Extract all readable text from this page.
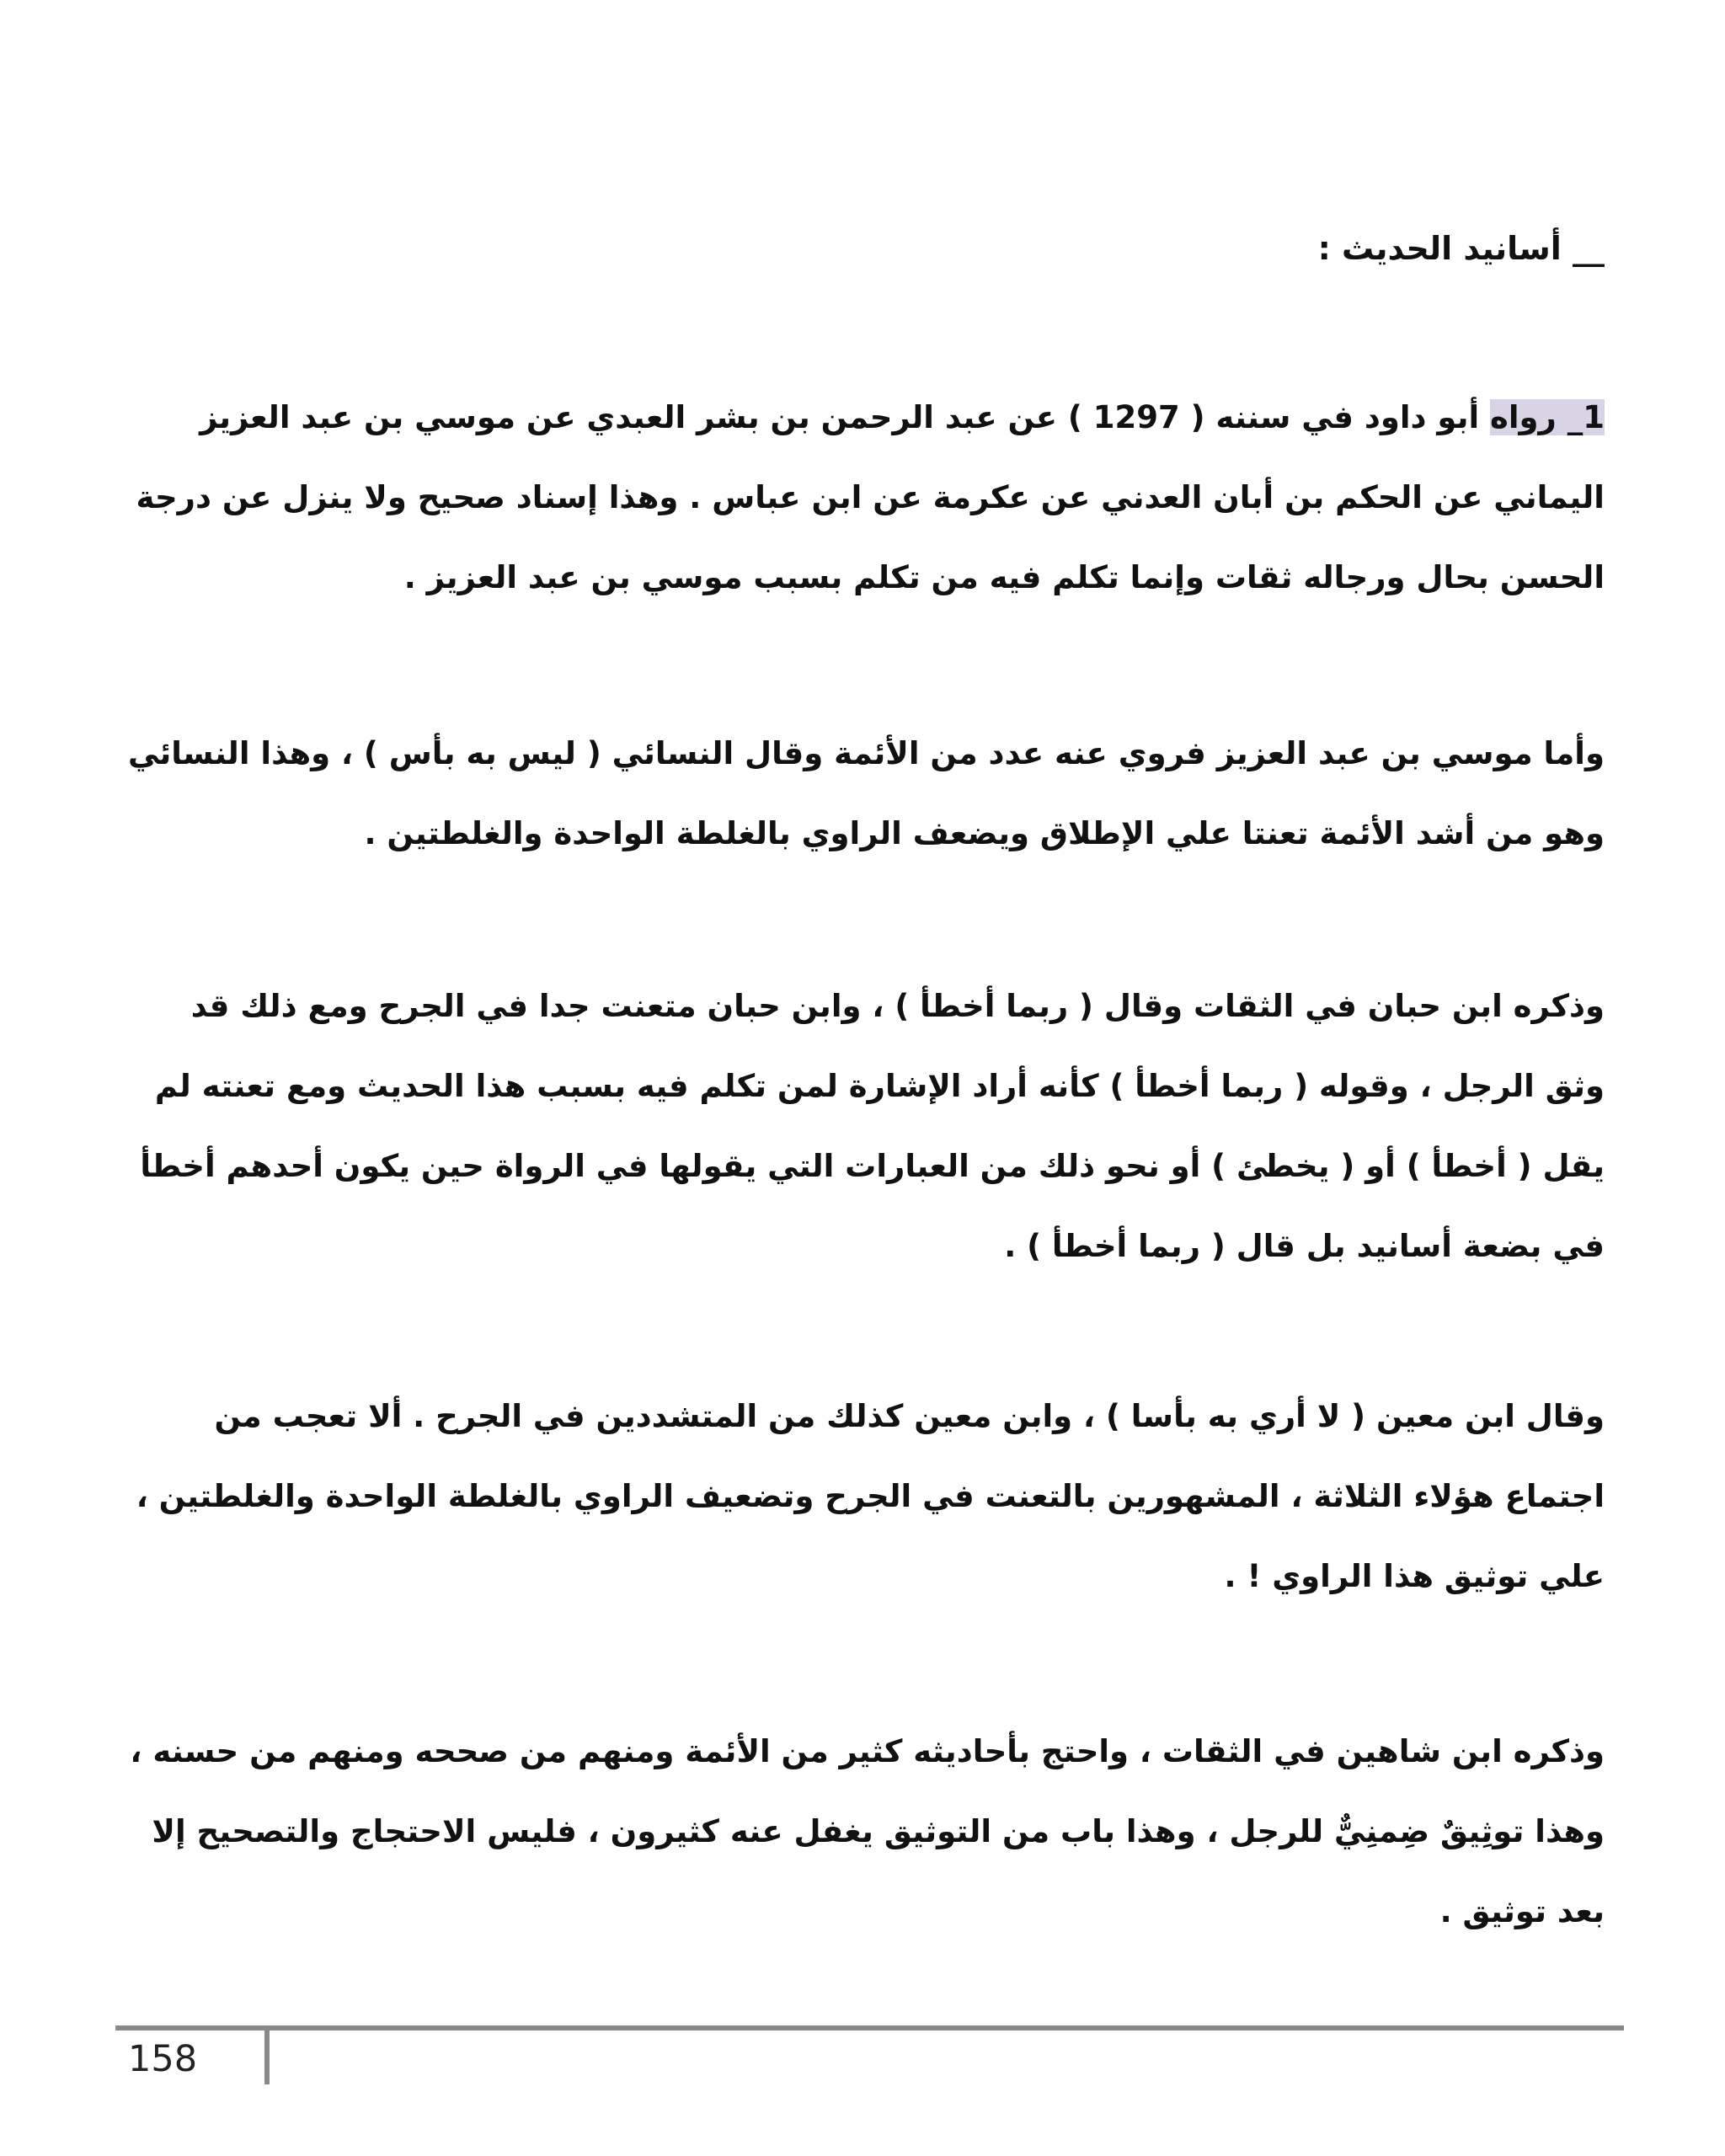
__ أسانيد الحديث :
1_ رواه أبو داود في سننه ( 1297 ) عن عبد الرحمن بن بشر العبدي عن موسي بن عبد العزيز اليماني عن الحكم بن أبان العدني عن عكرمة عن ابن عباس . وهذا إسناد صحيح ولا ينزل عن درجة الحسن بحال ورجاله ثقات وإنما تكلم فيه من تكلم بسبب موسي بن عبد العزيز .
وأما موسي بن عبد العزيز فروي عنه عدد من الأئمة وقال النسائي ( ليس به بأس ) ، وهذا النسائي وهو من أشد الأئمة تعنتا علي الإطلاق ويضعف الراوي بالغلطة الواحدة والغلطتين .
وذكره ابن حبان في الثقات وقال ( ربما أخطأ ) ، وابن حبان متعنت جدا في الجرح ومع ذلك قد وثق الرجل ، وقوله ( ربما أخطأ ) كأنه أراد الإشارة لمن تكلم فيه بسبب هذا الحديث ومع تعنته لم يقل ( أخطأ ) أو ( يخطئ ) أو نحو ذلك من العبارات التي يقولها في الرواة حين يكون أحدهم أخطأ في بضعة أسانيد بل قال ( ربما أخطأ ) .
وقال ابن معين ( لا أري به بأسا ) ، وابن معين كذلك من المتشددين في الجرح . ألا تعجب من اجتماع هؤلاء الثلاثة ، المشهورين بالتعنت في الجرح وتضعيف الراوي بالغلطة الواحدة والغلطتين ، علي توثيق هذا الراوي ! .
وذكره ابن شاهين في الثقات ، واحتج بأحاديثه كثير من الأئمة ومنهم من صححه ومنهم من حسنه ، وهذا توثِيقٌ ضِمنِيٌّ للرجل ، وهذا باب من التوثيق يغفل عنه كثيرون ، فليس الاحتجاج والتصحيح إلا بعد توثيق .
158
